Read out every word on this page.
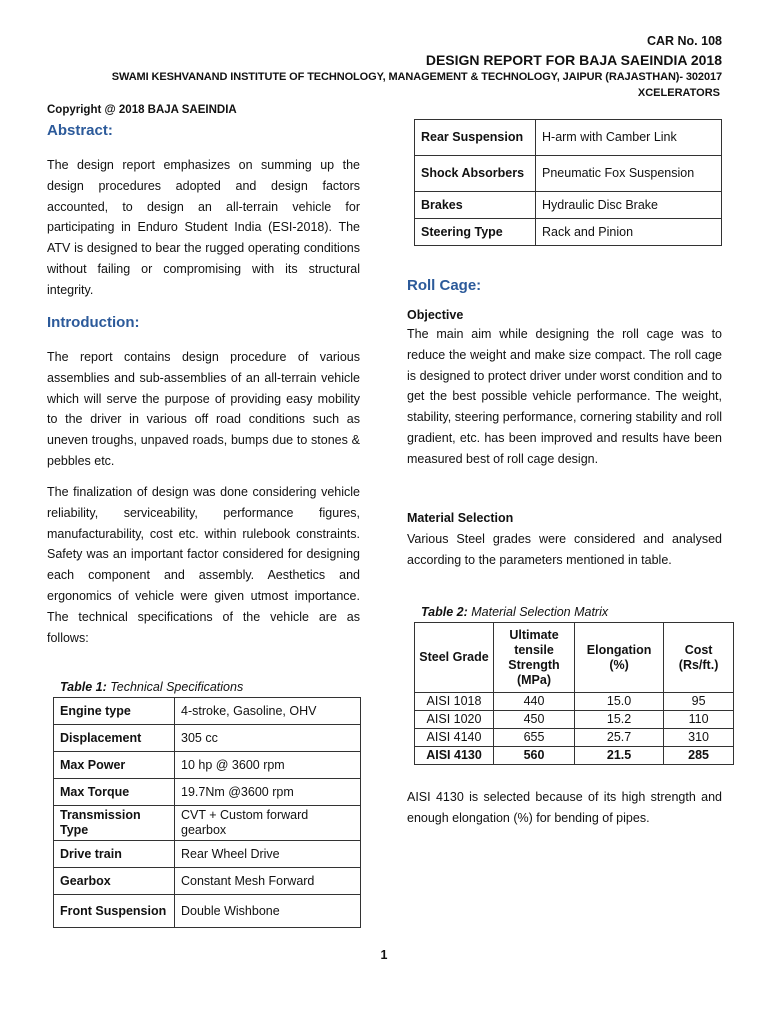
CAR No. 108
DESIGN REPORT FOR BAJA SAEINDIA 2018
SWAMI KESHVANAND INSTITUTE OF TECHNOLOGY, MANAGEMENT & TECHNOLOGY, JAIPUR (RAJASTHAN)- 302017
XCELERATORS
Copyright @ 2018 BAJA SAEINDIA
Abstract:

The design report emphasizes on summing up the design procedures adopted and design factors accounted, to design an all-terrain vehicle for participating in Enduro Student India (ESI-2018). The ATV is designed to bear the rugged operating conditions without failing or compromising with its structural integrity.

Introduction:

The report contains design procedure of various assemblies and sub-assemblies of an all-terrain vehicle which will serve the purpose of providing easy mobility to the driver in various off road conditions such as uneven troughs, unpaved roads, bumps due to stones & pebbles etc.

The finalization of design was done considering vehicle reliability, serviceability, performance figures, manufacturability, cost etc. within rulebook constraints. Safety was an important factor considered for designing each component and assembly. Aesthetics and ergonomics of vehicle were given utmost importance. The technical specifications of the vehicle are as follows:

Table 1: Technical Specifications
Engine type	4-stroke, Gasoline, OHV
Displacement	305 cc
Max Power	10 hp @ 3600 rpm
Max Torque	19.7Nm @3600 rpm
Transmission Type	CVT + Custom forward gearbox
Drive train	Rear Wheel Drive
Gearbox	Constant Mesh Forward
Front Suspension	Double Wishbone
Rear Suspension	H-arm with Camber Link
Shock Absorbers	Pneumatic Fox Suspension
Brakes	Hydraulic Disc Brake
Steering Type	Rack and Pinion
Roll Cage:
Objective

The main aim while designing the roll cage was to reduce the weight and make size compact. The roll cage is designed to protect driver under worst condition and to get the best possible vehicle performance. The weight, stability, steering performance, cornering stability and roll gradient, etc. has been improved and results have been measured best of roll cage design.

Material Selection

Various Steel grades were considered and analysed according to the parameters mentioned in table.

Table 2: Material Selection Matrix
Steel Grade	Ultimate tensile Strength (MPa)	Elongation (%)	Cost (Rs/ft.)
AISI 1018	440	15.0	95
AISI 1020	450	15.2	110
AISI 4140	655	25.7	310
AISI 4130	560	21.5	285

AISI 4130 is selected because of its high strength and enough elongation (%) for bending of pipes.

1
